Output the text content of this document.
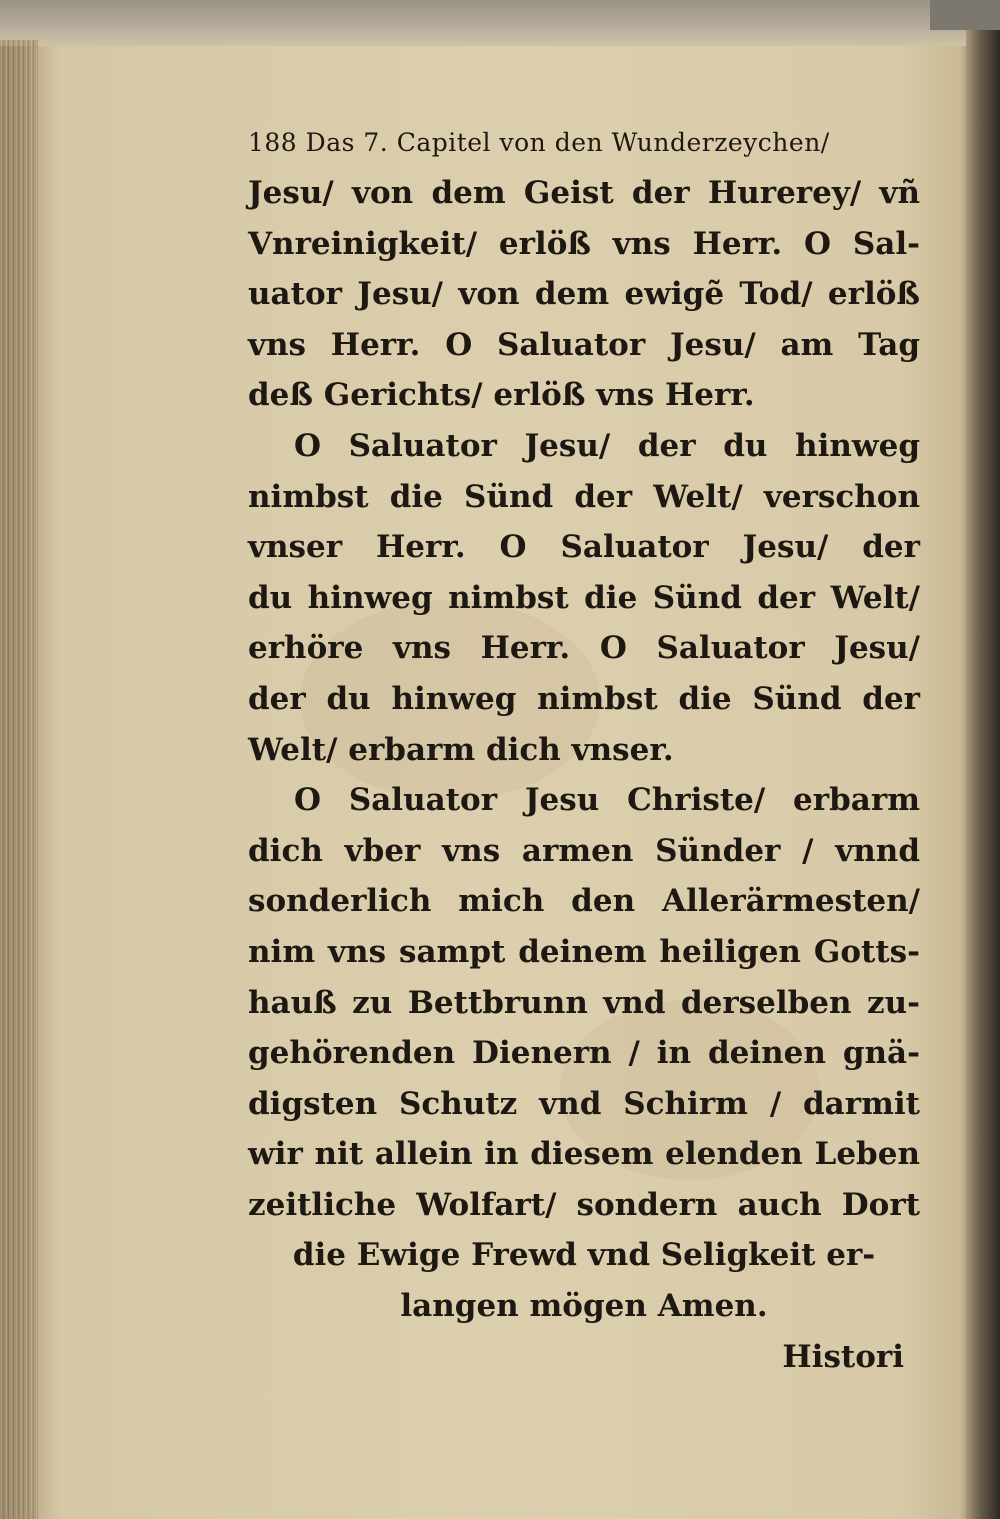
188 Das 7. Capitel von den Wunderzeychen/
Jesu/ von dem Geist der Hurerey/ vñ
Vnreinigkeit/ erlöß vns Herr. O Sal-
uator Jesu/ von dem ewigẽ Tod/ erlöß
vns Herr. O Saluator Jesu/ am Tag
deß Gerichts/ erlöß vns Herr.
O Saluator Jesu/ der du hinweg
nimbst die Sünd der Welt/ verschon
vnser Herr. O Saluator Jesu/ der
du hinweg nimbst die Sünd der Welt/
erhöre vns Herr. O Saluator Jesu/
der du hinweg nimbst die Sünd der
Welt/ erbarm dich vnser.
O Saluator Jesu Christe/ erbarm
dich vber vns armen Sünder / vnnd
sonderlich mich den Allerärmesten/
nim vns sampt deinem heiligen Gotts-
hauß zu Bettbrunn vnd derselben zu-
gehörenden Dienern / in deinen gnä-
digsten Schutz vnd Schirm / darmit
wir nit allein in diesem elenden Leben
zeitliche Wolfart/ sondern auch Dort
die Ewige Frewd vnd Seligkeit er-
langen mögen Amen.
Histori
